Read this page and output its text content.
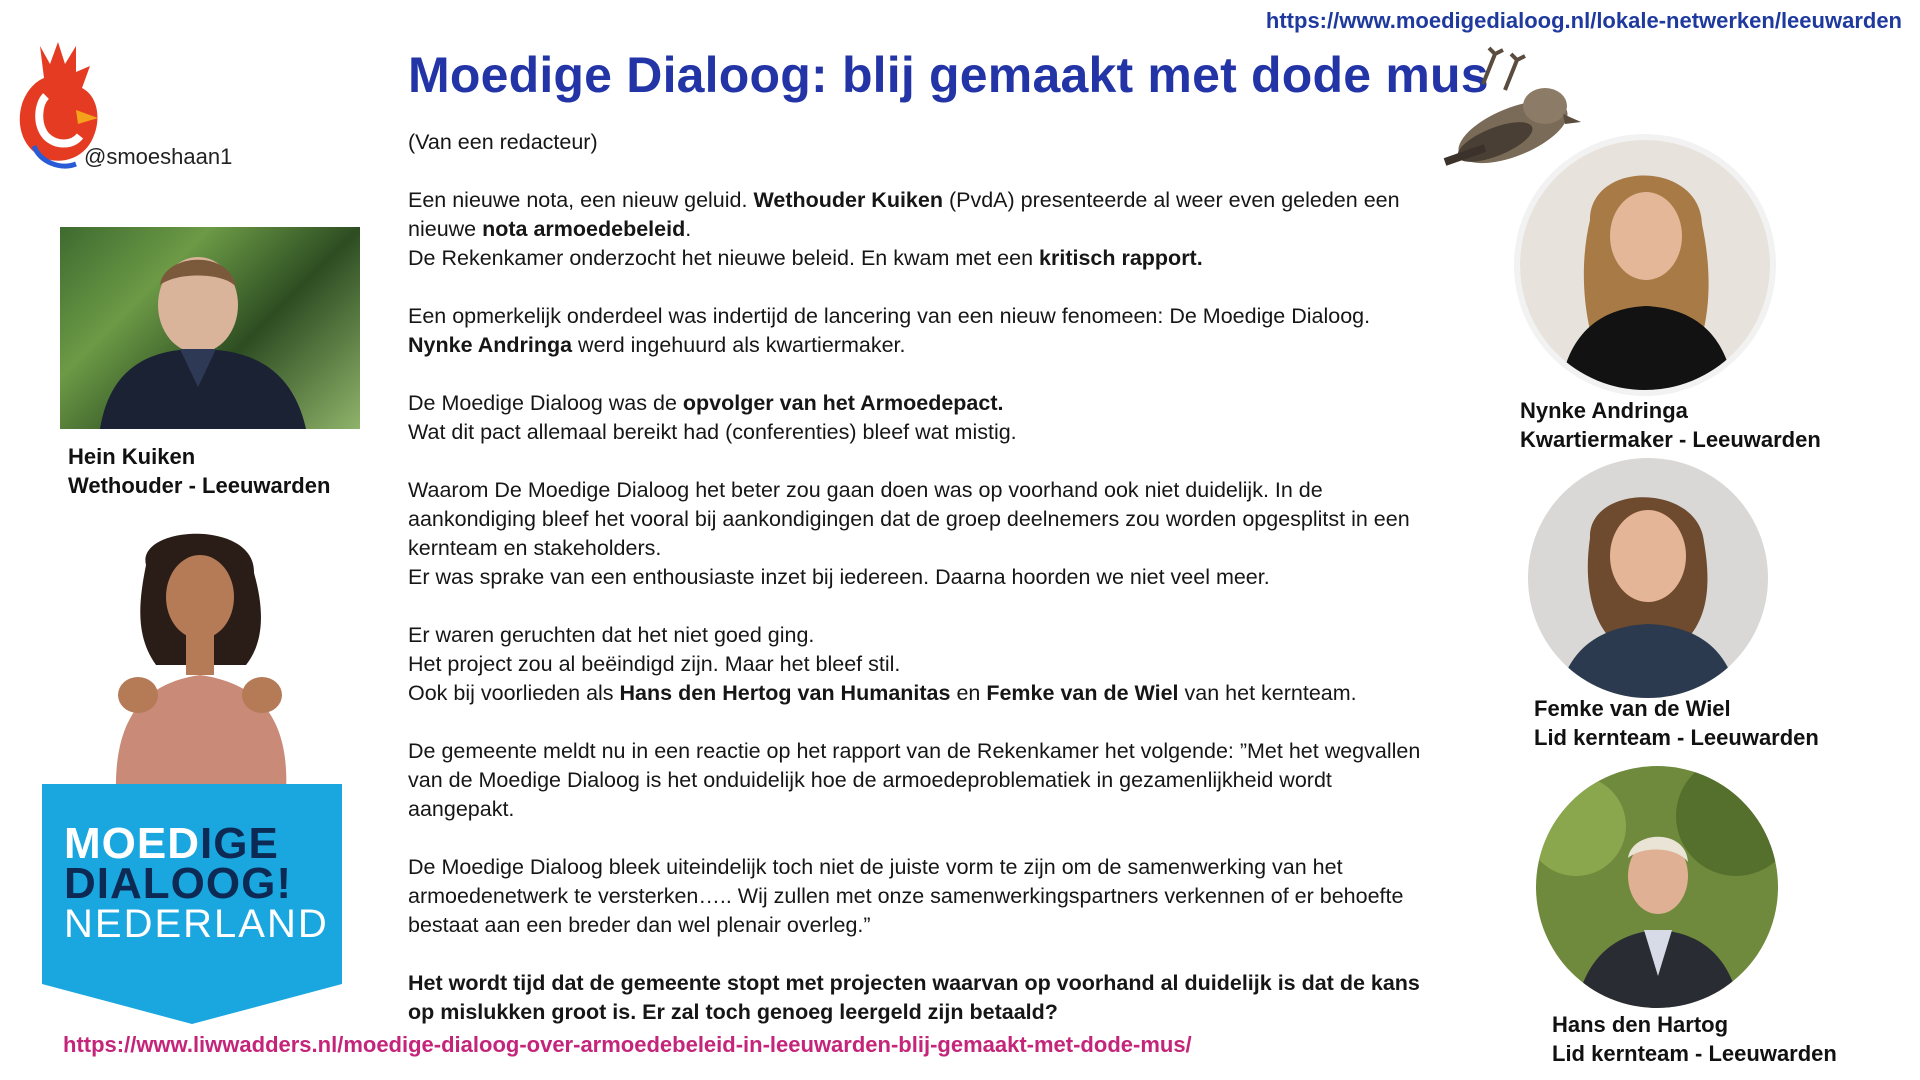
https://www.moedigedialoog.nl/lokale-netwerken/leeuwarden
@smoeshaan1
Moedige Dialoog: blij gemaakt met dode mus

(Van een redacteur)

Een nieuwe nota, een nieuw geluid. Wethouder Kuiken (PvdA) presenteerde al weer even geleden een nieuwe nota armoedebeleid.
De Rekenkamer onderzocht het nieuwe beleid. En kwam met een kritisch rapport.

Een opmerkelijk onderdeel was indertijd de lancering van een nieuw fenomeen: De Moedige Dialoog.
Nynke Andringa werd ingehuurd als kwartiermaker.

De Moedige Dialoog was de opvolger van het Armoedepact.
Wat dit pact allemaal bereikt had (conferenties) bleef wat mistig.

Waarom De Moedige Dialoog het beter zou gaan doen was op voorhand ook niet duidelijk. In de aankondiging bleef het vooral bij aankondigingen dat de groep deelnemers zou worden opgesplitst in een kernteam en stakeholders.
Er was sprake van een enthousiaste inzet bij iedereen. Daarna hoorden we niet veel meer.

Er waren geruchten dat het niet goed ging.
Het project zou al beëindigd zijn. Maar het bleef stil.
Ook bij voorlieden als Hans den Hertog van Humanitas en Femke van de Wiel van het kernteam.

De gemeente meldt nu in een reactie op het rapport van de Rekenkamer het volgende: ”Met het wegvallen van de Moedige Dialoog is het onduidelijk hoe de armoedeproblematiek in gezamenlijkheid wordt aangepakt.

De Moedige Dialoog bleek uiteindelijk toch niet de juiste vorm te zijn om de samenwerking van het armoedenetwerk te versterken….. Wij zullen met onze samenwerkingspartners verkennen of er behoefte bestaat aan een breder dan wel plenair overleg.”

Het wordt tijd dat de gemeente stopt met projecten waarvan op voorhand al duidelijk is dat de kans op mislukken groot is. Er zal toch genoeg leergeld zijn betaald?

https://www.liwwadders.nl/moedige-dialoog-over-armoedebeleid-in-leeuwarden-blij-gemaakt-met-dode-mus/
Hein Kuiken
Wethouder - Leeuwarden
MOEDIGE
DIALOOG!
NEDERLAND
Nynke Andringa
Kwartiermaker - Leeuwarden
Femke van de Wiel
Lid kernteam - Leeuwarden
Hans den Hartog
Lid kernteam - Leeuwarden
